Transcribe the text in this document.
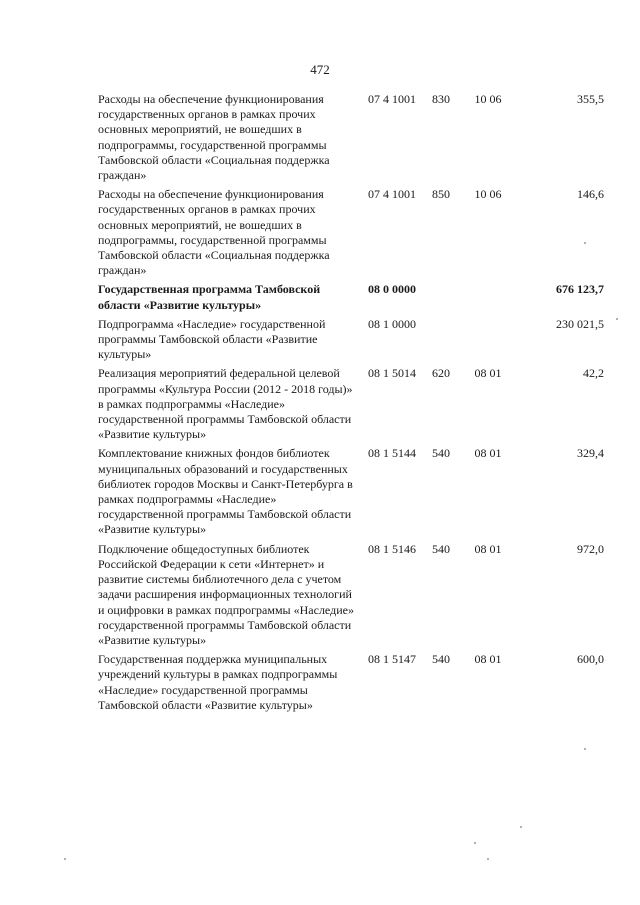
472
Расходы на обеспечение функционирования государственных органов в рамках прочих основных мероприятий, не вошедших в подпрограммы, государственной программы Тамбовской области «Социальная поддержка граждан»
07 4 1001	830	10 06	355,5
Расходы на обеспечение функционирования государственных органов в рамках прочих основных мероприятий, не вошедших в подпрограммы, государственной программы Тамбовской области «Социальная поддержка граждан»
07 4 1001	850	10 06	146,6
Государственная программа Тамбовской области «Развитие культуры»
08 0 0000	676 123,7
Подпрограмма «Наследие» государственной программы Тамбовской области «Развитие культуры»
08 1 0000	230 021,5
Реализация мероприятий федеральной целевой программы «Культура России (2012 - 2018 годы)» в рамках подпрограммы «Наследие» государственной программы Тамбовской области «Развитие культуры»
08 1 5014	620	08 01	42,2
Комплектование книжных фондов библиотек муниципальных образований и государственных библиотек городов Москвы и Санкт-Петербурга в рамках подпрограммы «Наследие» государственной программы Тамбовской области «Развитие культуры»
08 1 5144	540	08 01	329,4
Подключение общедоступных библиотек Российской Федерации к сети «Интернет» и развитие системы библиотечного дела с учетом задачи расширения информационных технологий и оцифровки в рамках подпрограммы «Наследие» государственной программы Тамбовской области «Развитие культуры»
08 1 5146	540	08 01	972,0
Государственная поддержка муниципальных учреждений культуры в рамках подпрограммы «Наследие» государственной программы Тамбовской области «Развитие культуры»
08 1 5147	540	08 01	600,0
